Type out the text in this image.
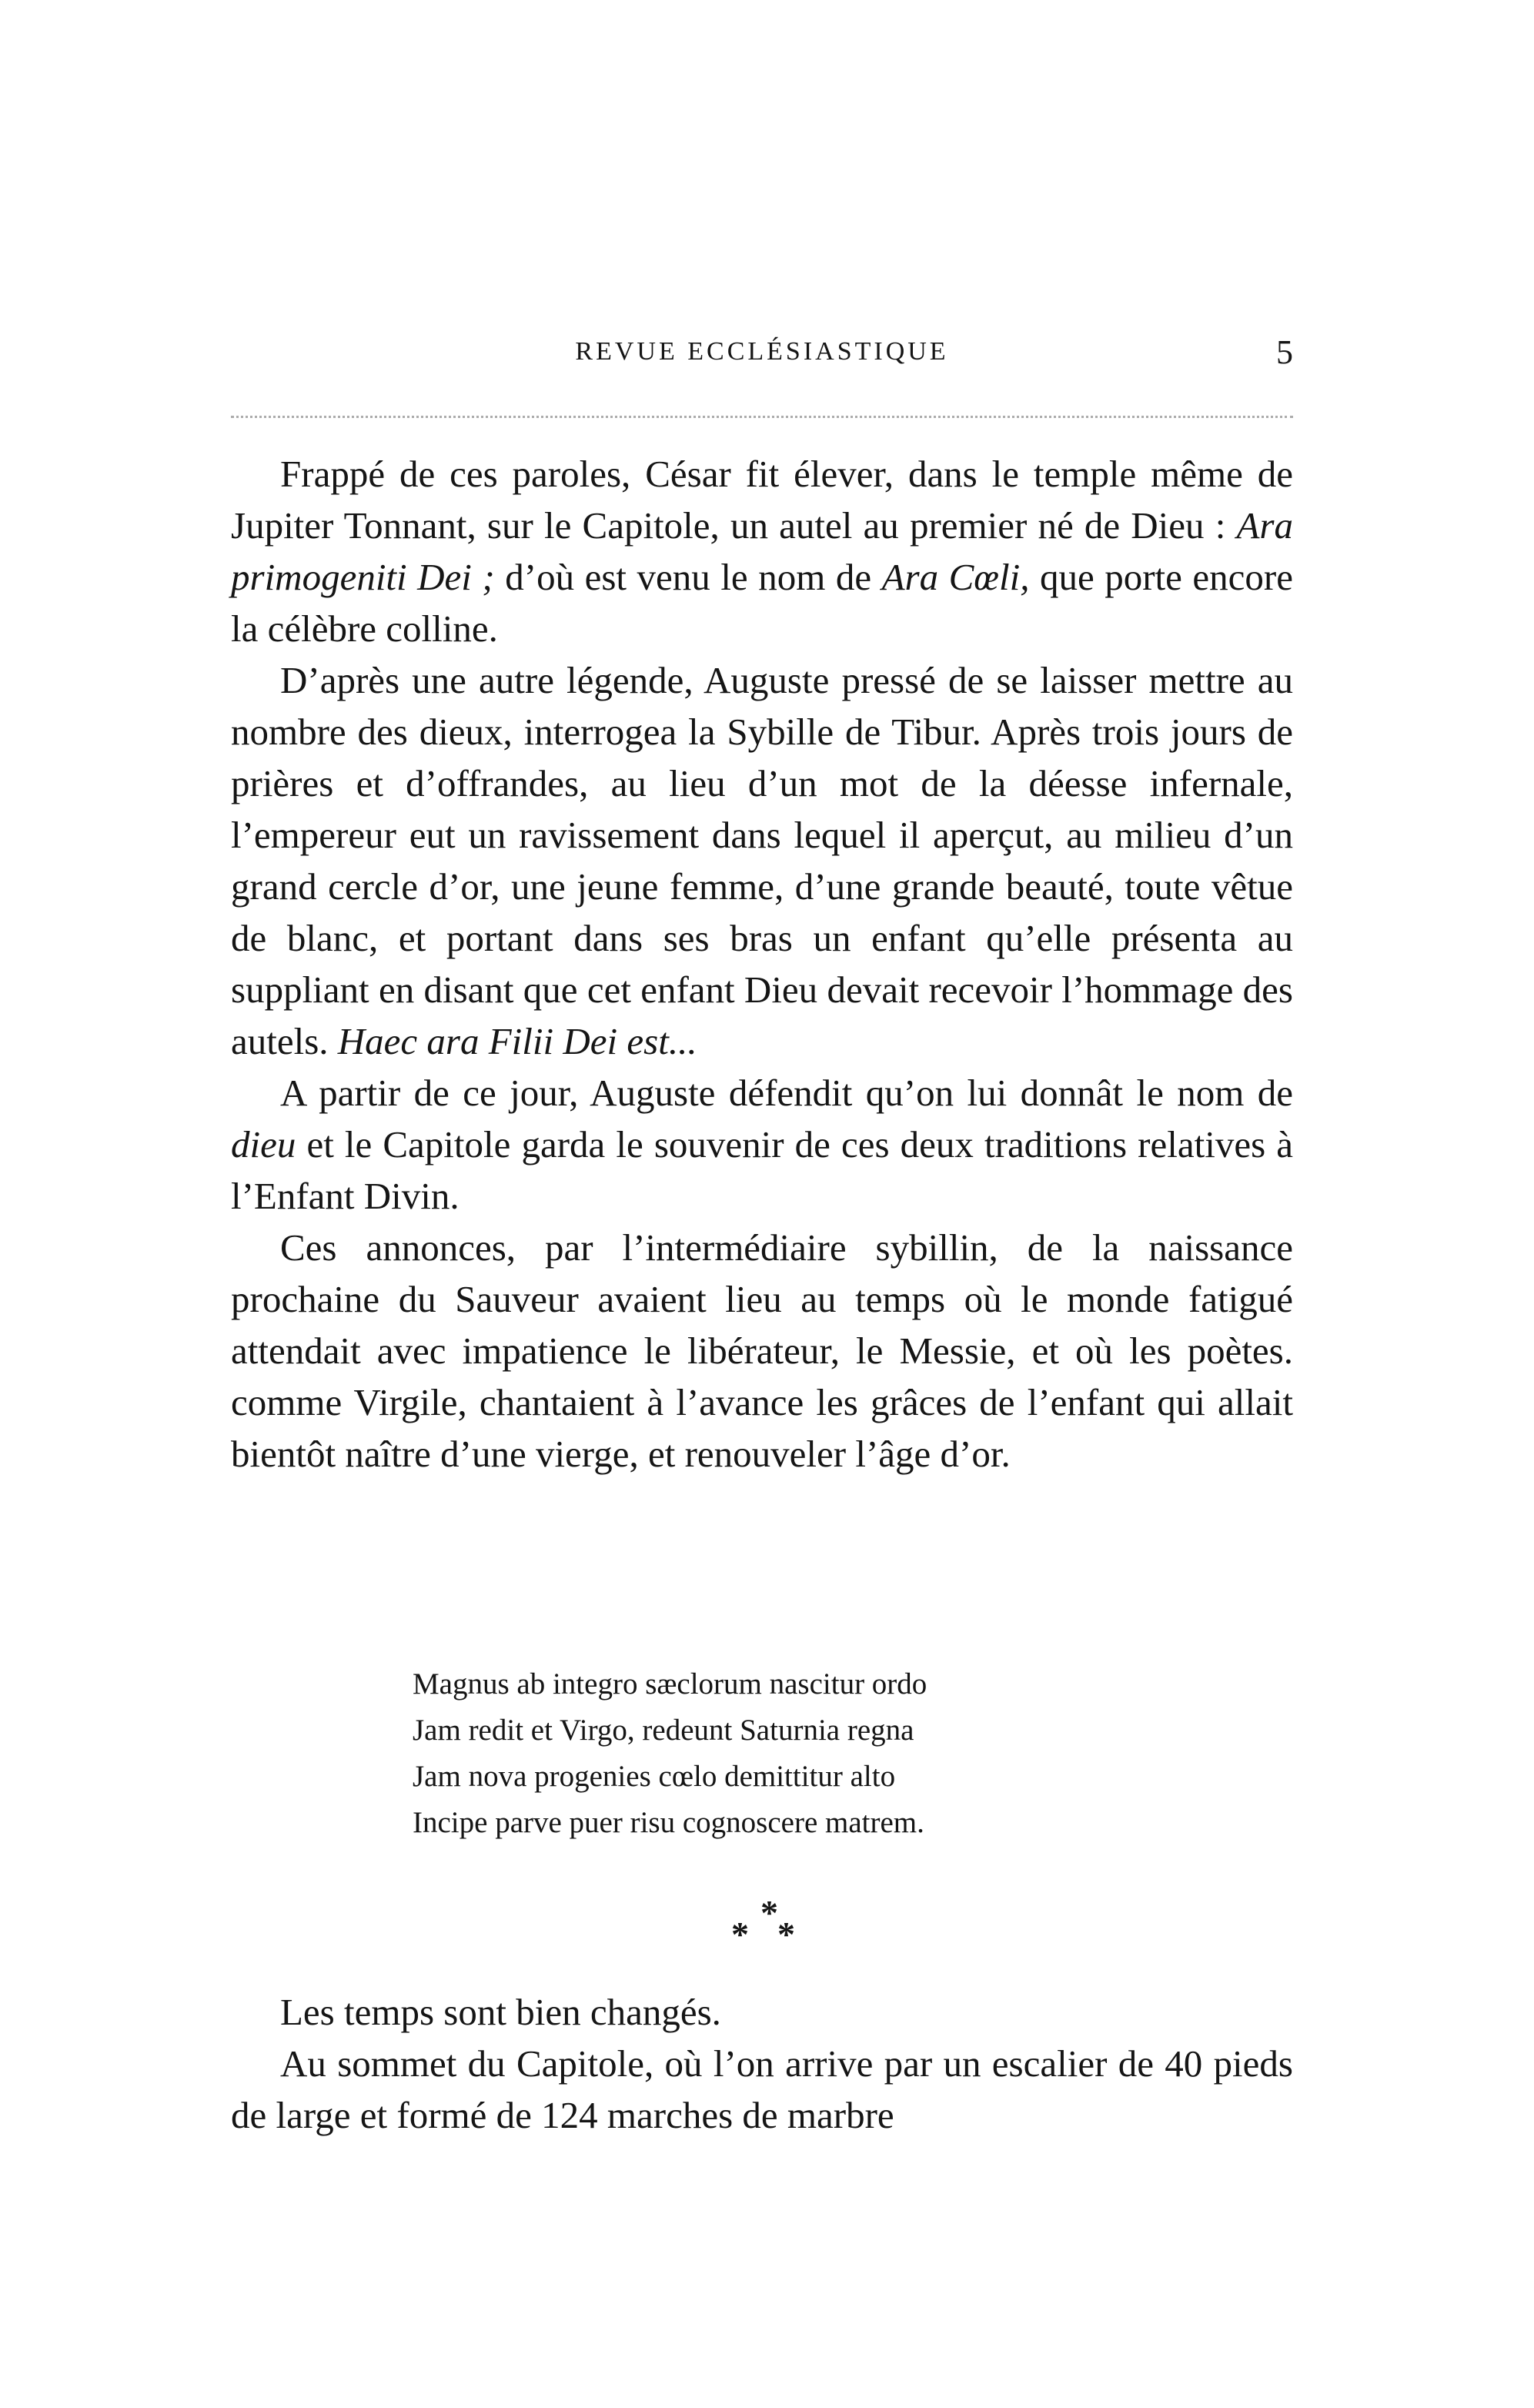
REVUE ECCLÉSIASTIQUE	5

Frappé de ces paroles, César fit élever, dans le temple même de Jupiter Tonnant, sur le Capitole, un autel au premier né de Dieu : Ara primogeniti Dei ; d’où est venu le nom de Ara Cœli, que porte encore la célèbre colline.

D’après une autre légende, Auguste pressé de se laisser mettre au nombre des dieux, interrogea la Sybille de Tibur. Après trois jours de prières et d’offrandes, au lieu d’un mot de la déesse infernale, l’empereur eut un ravissement dans lequel il aperçut, au milieu d’un grand cercle d’or, une jeune femme, d’une grande beauté, toute vêtue de blanc, et portant dans ses bras un enfant qu’elle présenta au suppliant en disant que cet enfant Dieu devait recevoir l’hommage des autels. Haec ara Filii Dei est...

A partir de ce jour, Auguste défendit qu’on lui donnât le nom de dieu et le Capitole garda le souvenir de ces deux traditions relatives à l’Enfant Divin.

Ces annonces, par l’intermédiaire sybillin, de la naissance prochaine du Sauveur avaient lieu au temps où le monde fatigué attendait avec impatience le libérateur, le Messie, et où les poètes. comme Virgile, chantaient à l’avance les grâces de l’enfant qui allait bientôt naître d’une vierge, et renouveler l’âge d’or.

Magnus ab integro sæclorum nascitur ordo
Jam redit et Virgo, redeunt Saturnia regna
Jam nova progenies cœlo demittitur alto
Incipe parve puer risu cognoscere matrem.
*
* *

Les temps sont bien changés.

Au sommet du Capitole, où l’on arrive par un escalier de 40 pieds de large et formé de 124 marches de marbre
